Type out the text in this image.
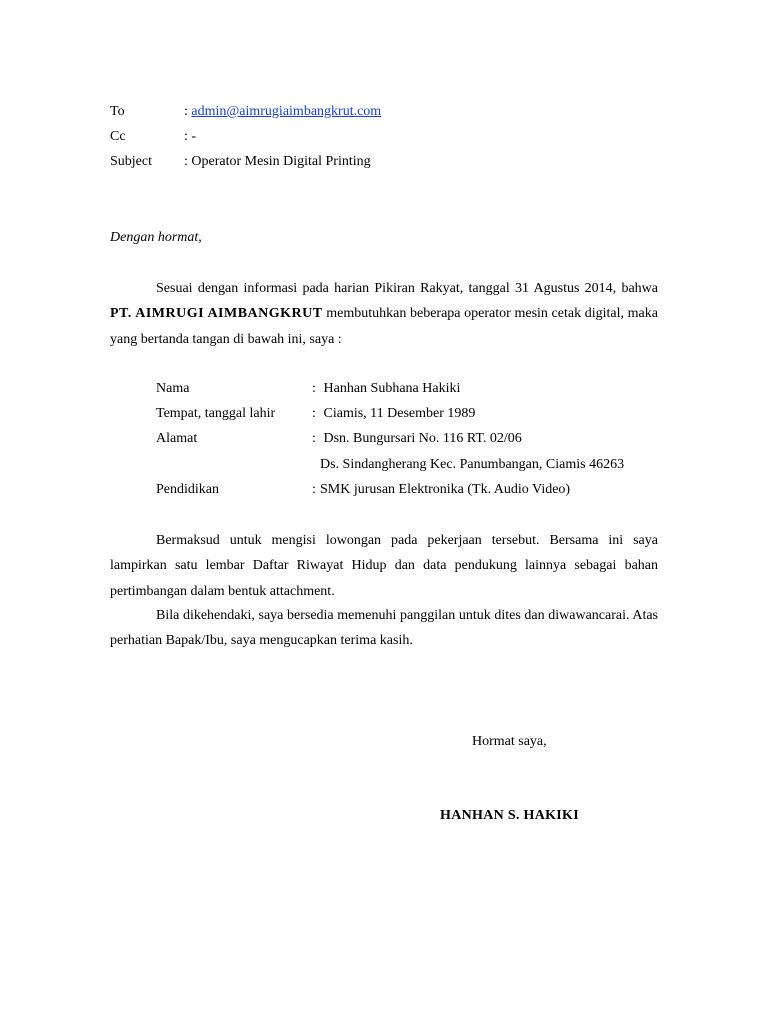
To	: admin@aimrugiaimbangkrut.com
Cc	: -
Subject : Operator Mesin Digital Printing
Dengan hormat,

Sesuai dengan informasi pada harian Pikiran Rakyat, tanggal 31 Agustus 2014, bahwa PT. AIMRUGI AIMBANGKRUT membutuhkan beberapa operator mesin cetak digital, maka yang bertanda tangan di bawah ini, saya :

Nama	: Hanhan Subhana Hakiki
Tempat, tanggal lahir	: Ciamis, 11 Desember 1989
Alamat	: Dsn. Bungursari No. 116 RT. 02/06
Ds. Sindangherang Kec. Panumbangan, Ciamis 46263
Pendidikan	: SMK jurusan Elektronika (Tk. Audio Video)

Bermaksud untuk mengisi lowongan pada pekerjaan tersebut. Bersama ini saya lampirkan satu lembar Daftar Riwayat Hidup dan data pendukung lainnya sebagai bahan pertimbangan dalam bentuk attachment.

Bila dikehendaki, saya bersedia memenuhi panggilan untuk dites dan diwawancarai. Atas perhatian Bapak/Ibu, saya mengucapkan terima kasih.

Hormat saya,
HANHAN S. HAKIKI
